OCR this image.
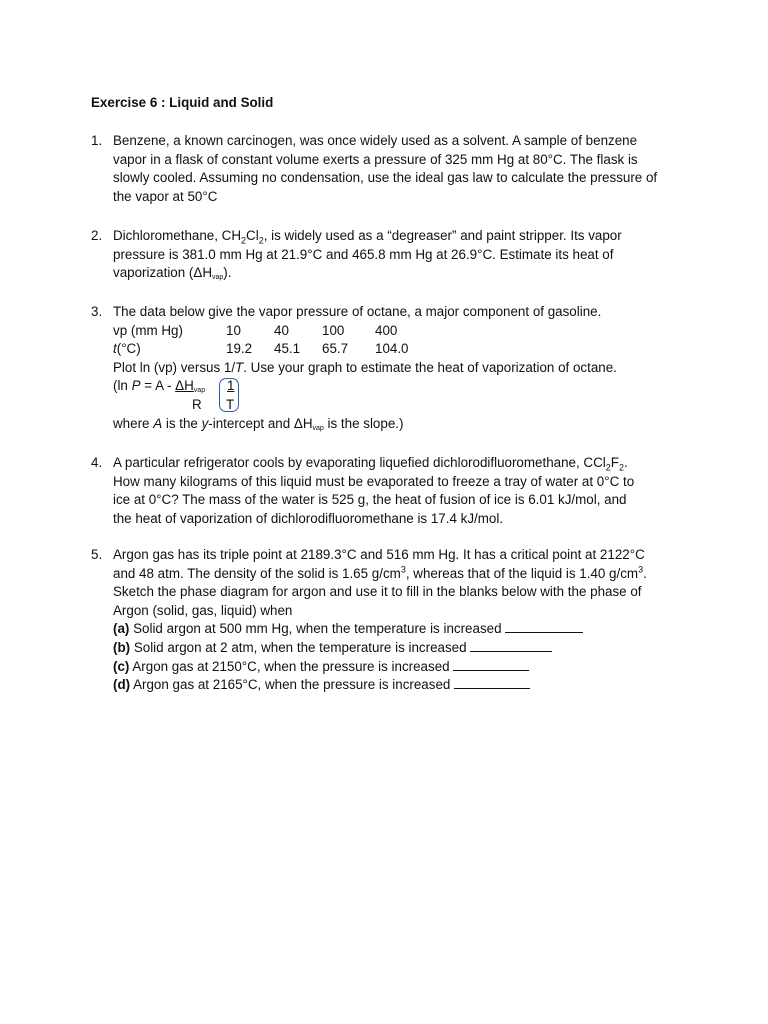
Exercise 6 : Liquid and Solid
1. Benzene, a known carcinogen, was once widely used as a solvent. A sample of benzene
vapor in a flask of constant volume exerts a pressure of 325 mm Hg at 80°C. The flask is
slowly cooled. Assuming no condensation, use the ideal gas law to calculate the pressure of
the vapor at 50°C
2. Dichloromethane, $CH_2Cl_2$, is widely used as a “degreaser” and paint stripper. Its vapor
pressure is 381.0 mm Hg at 21.9°C and 465.8 mm Hg at 26.9°C. Estimate its heat of
vaporization $(\Delta H_{vap})$.
3. The data below give the vapor pressure of octane, a major component of gasoline.
vp (mm Hg)	10	40	100	400
t(°C)	19.2	45.1	65.7	104.0
Plot ln (vp) versus 1/T. Use your graph to estimate the heat of vaporization of octane.
(ln $P = A - \Delta H_{vap}$ 1
R T
where A is the y-intercept and $\Delta H_{vap}$ is the slope.)
4. A particular refrigerator cools by evaporating liquefied dichlorodifluoromethane, $CCl_2F_2$.
How many kilograms of this liquid must be evaporated to freeze a tray of water at 0°C to
ice at 0°C? The mass of the water is 525 g, the heat of fusion of ice is 6.01 kJ/mol, and
the heat of vaporization of dichlorodifluoromethane is 17.4 kJ/mol.
5. Argon gas has its triple point at 2189.3°C and 516 mm Hg. It has a critical point at 2122°C
and 48 atm. The density of the solid is 1.65 $g/cm^3$, whereas that of the liquid is 1.40 $g/cm^3$.
Sketch the phase diagram for argon and use it to fill in the blanks below with the phase of
Argon (solid, gas, liquid) when
(a) Solid argon at 500 mm Hg, when the temperature is increased
(b) Solid argon at 2 atm, when the temperature is increased
(c) Argon gas at 2150°C, when the pressure is increased
(d) Argon gas at 2165°C, when the pressure is increased
